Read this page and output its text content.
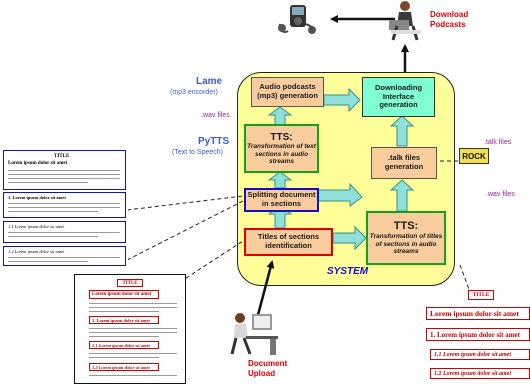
Audio podcasts (mp3) generation
Downloading Interface generation
TTS:
Transformation of text sections in audio streams	.talk files generation
Splitting document in sections
TTS:
Transformation of titles of sections in audio streams
Titles of sections identification
SYSTEM
Lame
(mp3 encorder)
.wav files
PyTTS
(Text to Speech)
.talk files
.wav files
Download
Podcasts
Document
Upload
ROCK
TITLE
Lorem ipsum dolor sit amet
1. Lorem ipsum dolor sit amet
1.1 Lorem ipsum dolor sit amet
1.2 Lorem ipsum dolor sit amet
TITLE
Lorem ipsum dolor sit amet
1. Lorem ipsum dolor sit amet
1.1 Lorem ipsum dolor sit amet
1.2 Lorem ipsum dolor sit amet
TITLE
Lorem ipsum dolor sit amet
1. Lorem ipsum dolor sit amet
1.1 Lorem ipsum dolor sit amet
1.2 Lorem ipsum dolor sit amet
